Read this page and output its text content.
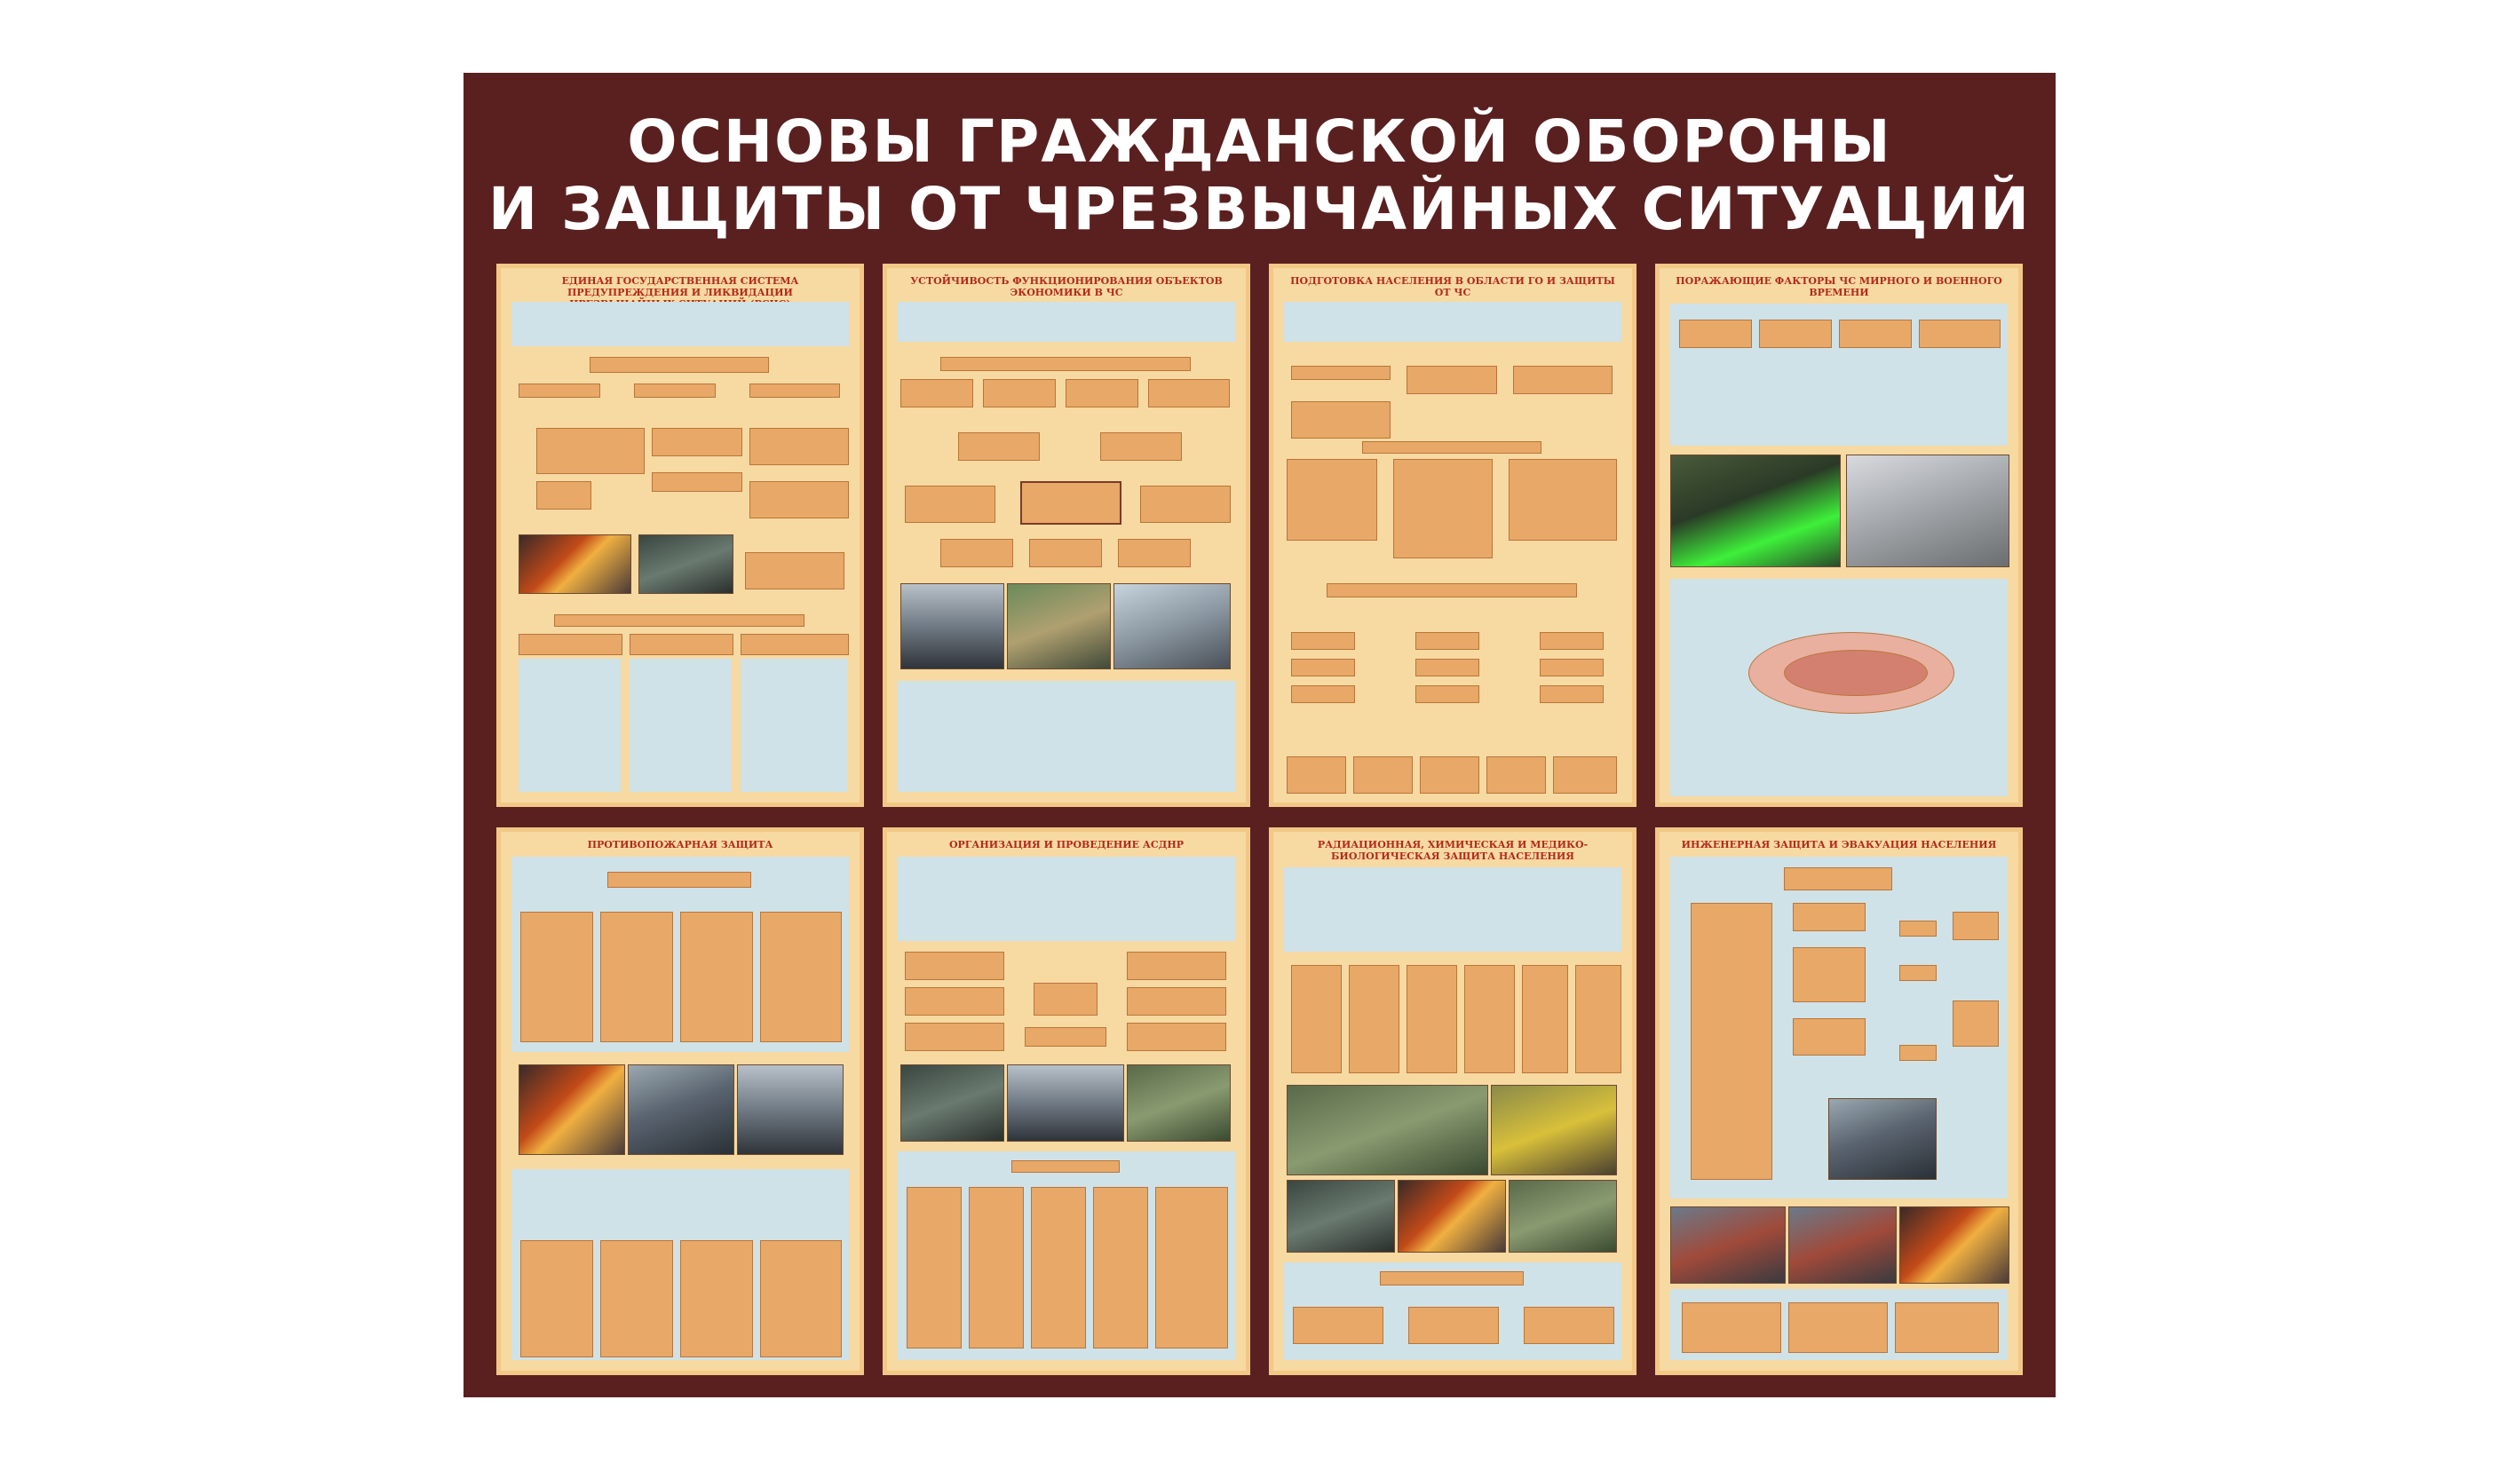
ОСНОВЫ ГРАЖДАНСКОЙ ОБОРОНЫ
И ЗАЩИТЫ ОТ ЧРЕЗВЫЧАЙНЫХ СИТУАЦИЙ
ЕДИНАЯ ГОСУДАРСТВЕННАЯ СИСТЕМА ПРЕДУПРЕЖДЕНИЯ И ЛИКВИДАЦИИ
УСТОЙЧИВОСТЬ ФУНКЦИОНИРОВАНИЯ ОБЪЕКТОВ ЭКОНОМИКИ В ЧС
ПОДГОТОВКА НАСЕЛЕНИЯ В ОБЛАСТИ ГО И ЗАЩИТЫ ОТ ЧС
ПОРАЖАЮЩИЕ ФАКТОРЫ ЧС МИРНОГО И ВОЕННОГО ВРЕМЕНИ
ПРОТИВОПОЖАРНАЯ ЗАЩИТА	ОРГАНИЗАЦИЯ И ПРОВЕДЕНИЕ АСДНР	РАДИАЦИОННАЯ, ХИМИЧЕСКАЯ И МЕДИКО-БИОЛОГИЧЕСКАЯ ЗАЩИТА НАСЕЛЕНИЯ
ИНЖЕНЕРНАЯ ЗАЩИТА И ЭВАКУАЦИЯ НАСЕЛЕНИЯ
